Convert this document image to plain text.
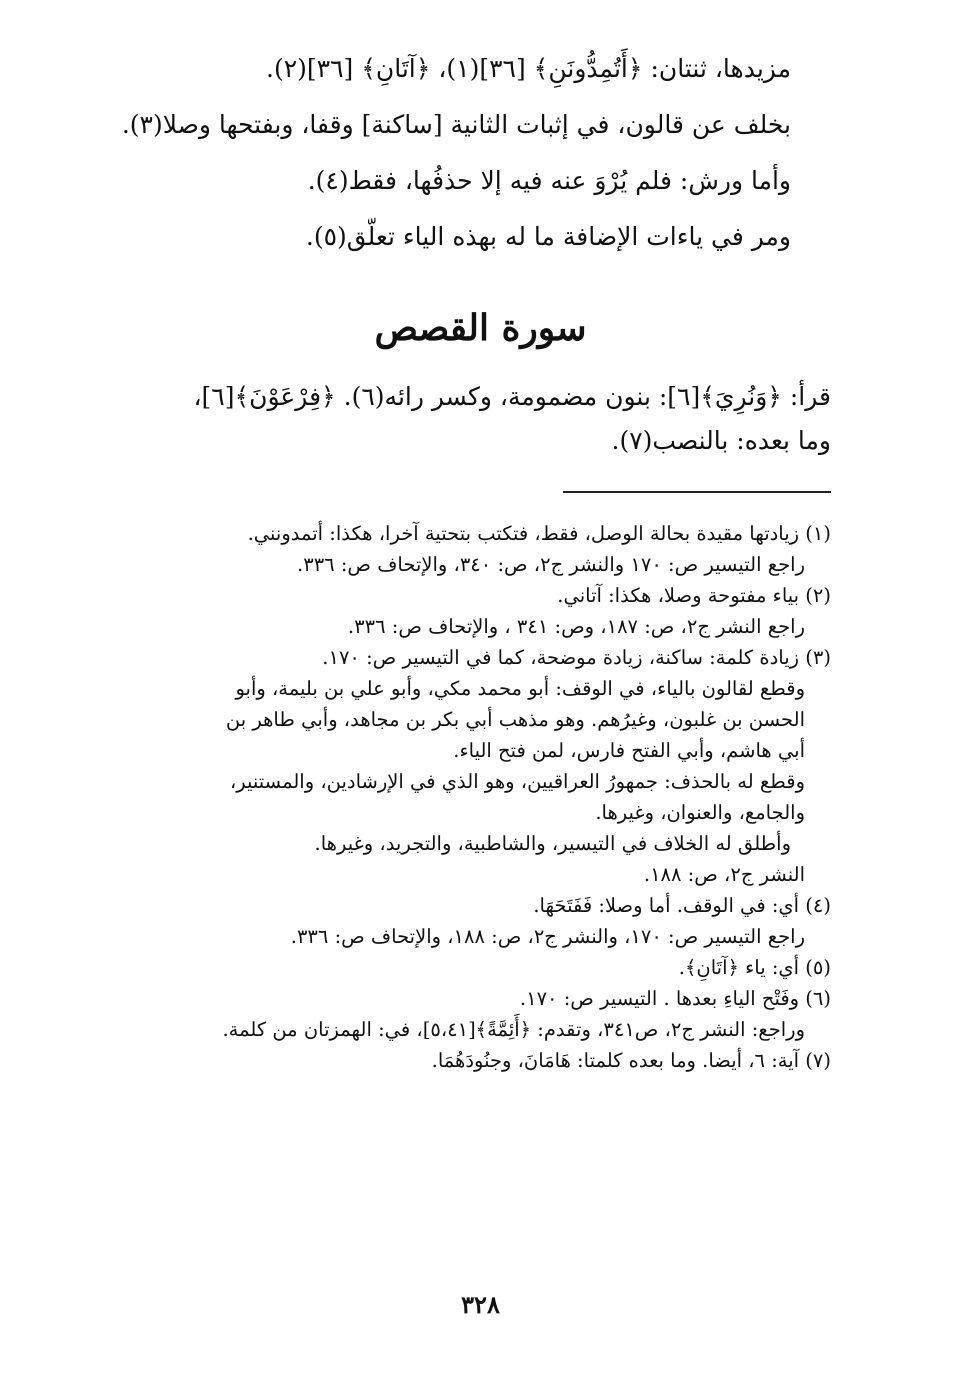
مزيدها، ثنتان: ﴿أَتُمِدُّونَنِ﴾ [٣٦](١)، ﴿آتَانِ﴾ [٣٦](٢).

بخلف عن قالون، في إثبات الثانية [ساكنة] وقفا، وبفتحها وصلا(٣).

وأما ورش: فلم يُرْوَ عنه فيه إلا حذفُها، فقط(٤).

ومر في ياءات الإضافة ما له بهذه الياء تعلّق(٥).

سورة القصص

قرأ: ﴿وَنُرِيَ﴾[٦]: بنون مضمومة، وكسر رائه(٦). ﴿فِرْعَوْنَ﴾[٦]،

وما بعده: بالنصب(٧).

(١) زيادتها مقيدة بحالة الوصل، فقط، فتكتب بتحتية آخرا، هكذا: أتمدونني.

راجع التيسير ص: ١٧٠ والنشر ج٢، ص: ٣٤٠، والإتحاف ص: ٣٣٦.

(٢) بياء مفتوحة وصلا، هكذا: آتاني.

راجع النشر ج٢، ص: ١٨٧، وص: ٣٤١ ، والإتحاف ص: ٣٣٦.

(٣) زيادة كلمة: ساكنة، زيادة موضحة، كما في التيسير ص: ١٧٠.

وقطع لقالون بالياء، في الوقف: أبو محمد مكي، وأبو علي بن بليمة، وأبو

الحسن بن غلبون، وغيرُهم. وهو مذهب أبي بكر بن مجاهد، وأبي طاهر بن

أبي هاشم، وأبي الفتح فارس، لمن فتح الياء.

وقطع له بالحذف: جمهورُ العراقيين، وهو الذي في الإرشادين، والمستنير،

والجامع، والعنوان، وغيرها.

وأطلق له الخلاف في التيسير، والشاطبية، والتجريد، وغيرها.

النشر ج٢، ص: ١٨٨.

(٤) أي: في الوقف. أما وصلا: فَفَتَحَهَا.

راجع التيسير ص: ١٧٠، والنشر ج٢، ص: ١٨٨، والإتحاف ص: ٣٣٦.

(٥) أي: ياء ﴿آتَانِ﴾.

(٦) وفَتْح الياءِ بعدها . التيسير ص: ١٧٠.

وراجع: النشر ج٢، ص٣٤١، وتقدم: ﴿أَئِمَّةً﴾[٥،٤١]، في: الهمزتان من كلمة.

(٧) آية: ٦، أيضا. وما بعده كلمتا: هَامَانَ، وجنُودَهُمَا.

٣٢٨
